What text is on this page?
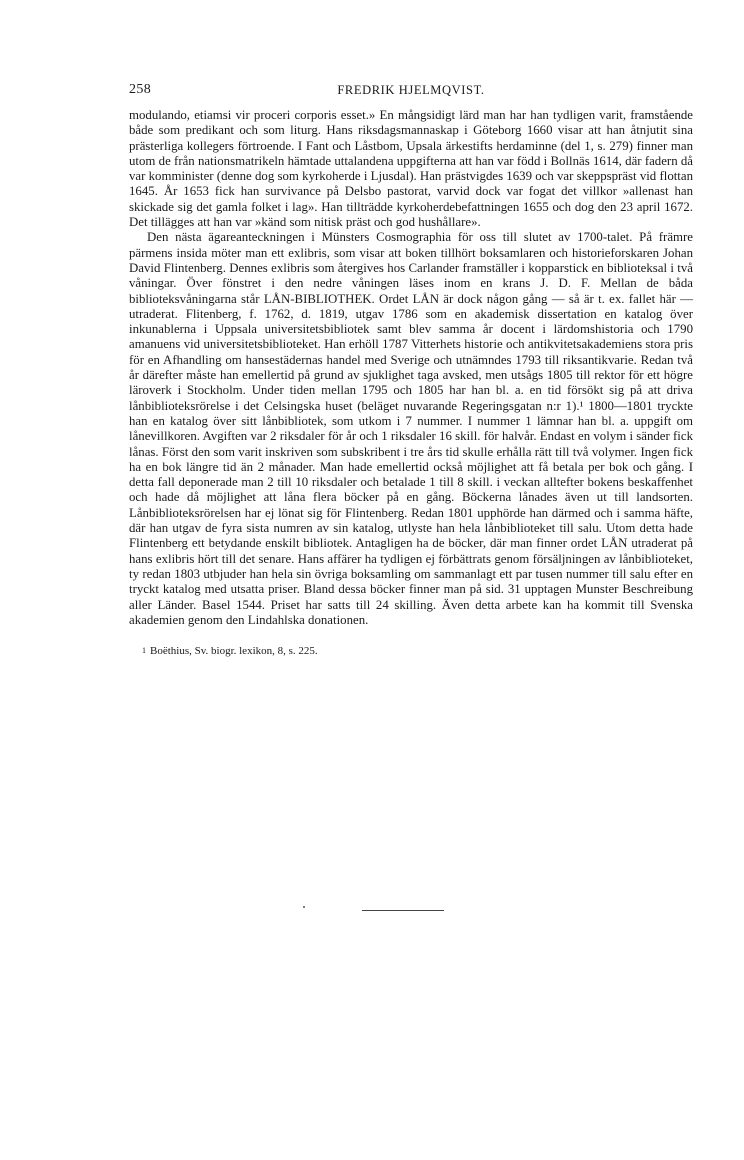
258	FREDRIK HJELMQVIST.

modulando, etiamsi vir proceri corporis esset.» En mångsidigt lärd man har han tydligen varit, framstående både som predikant och som liturg. Hans riksdagsmannaskap i Göteborg 1660 visar att han åtnjutit sina prästerliga kollegers förtroende. I Fant och Låstbom, Upsala ärkestifts herdaminne (del 1, s. 279) finner man utom de från nationsmatrikeln hämtade uttalandena uppgifterna att han var född i Bollnäs 1614, där fadern då var komminister (denne dog som kyrkoherde i Ljusdal). Han prästvigdes 1639 och var skeppspräst vid flottan 1645. År 1653 fick han survivance på Delsbo pastorat, varvid dock var fogat det villkor »allenast han skickade sig det gamla folket i lag». Han tillträdde kyrkoherdebefattningen 1655 och dog den 23 april 1672. Det tillägges att han var »känd som nitisk präst och god hushållare».

Den nästa ägareanteckningen i Münsters Cosmographia för oss till slutet av 1700-talet. På främre pärmens insida möter man ett exlibris, som visar att boken tillhört boksamlaren och historieforskaren Johan David Flintenberg. Dennes exlibris som återgives hos Carlander framställer i kopparstick en biblioteksal i två våningar. Över fönstret i den nedre våningen läses inom en krans J. D. F. Mellan de båda biblioteksvåningarna står LÅN-BIBLIOTHEK. Ordet LÅN är dock någon gång — så är t. ex. fallet här — utraderat. Flitenberg, f. 1762, d. 1819, utgav 1786 som en akademisk dissertation en katalog över inkunablerna i Uppsala universitetsbibliotek samt blev samma år docent i lärdomshistoria och 1790 amanuens vid universitetsbiblioteket. Han erhöll 1787 Vitterhets historie och antikvitetsakademiens stora pris för en Afhandling om hansestädernas handel med Sverige och utnämndes 1793 till riksantikvarie. Redan två år därefter måste han emellertid på grund av sjuklighet taga avsked, men utsågs 1805 till rektor för ett högre läroverk i Stockholm. Under tiden mellan 1795 och 1805 har han bl. a. en tid försökt sig på att driva lånbiblioteksrörelse i det Celsingska huset (beläget nuvarande Regeringsgatan n:r 1).¹ 1800—1801 tryckte han en katalog över sitt lånbibliotek, som utkom i 7 nummer. I nummer 1 lämnar han bl. a. uppgift om lånevillkoren. Avgiften var 2 riksdaler för år och 1 riksdaler 16 skill. för halvår. Endast en volym i sänder fick lånas. Först den som varit inskriven som subskribent i tre års tid skulle erhålla rätt till två volymer. Ingen fick ha en bok längre tid än 2 månader. Man hade emellertid också möjlighet att få betala per bok och gång. I detta fall deponerade man 2 till 10 riksdaler och betalade 1 till 8 skill. i veckan alltefter bokens beskaffenhet och hade då möjlighet att låna flera böcker på en gång. Böckerna lånades även ut till landsorten. Lånbiblioteksrörelsen har ej lönat sig för Flintenberg. Redan 1801 upphörde han därmed och i samma häfte, där han utgav de fyra sista numren av sin katalog, utlyste han hela lånbiblioteket till salu. Utom detta hade Flintenberg ett betydande enskilt bibliotek. Antagligen ha de böcker, där man finner ordet LÅN utraderat på hans exlibris hört till det senare. Hans affärer ha tydligen ej förbättrats genom försäljningen av lånbiblioteket, ty redan 1803 utbjuder han hela sin övriga boksamling om sammanlagt ett par tusen nummer till salu efter en tryckt katalog med utsatta priser. Bland dessa böcker finner man på sid. 31 upptagen Munster Beschreibung aller Länder. Basel 1544. Priset har satts till 24 skilling. Även detta arbete kan ha kommit till Svenska akademien genom den Lindahlska donationen.

$^1$ Boëthius, Sv. biogr. lexikon, 8, s. 225.
